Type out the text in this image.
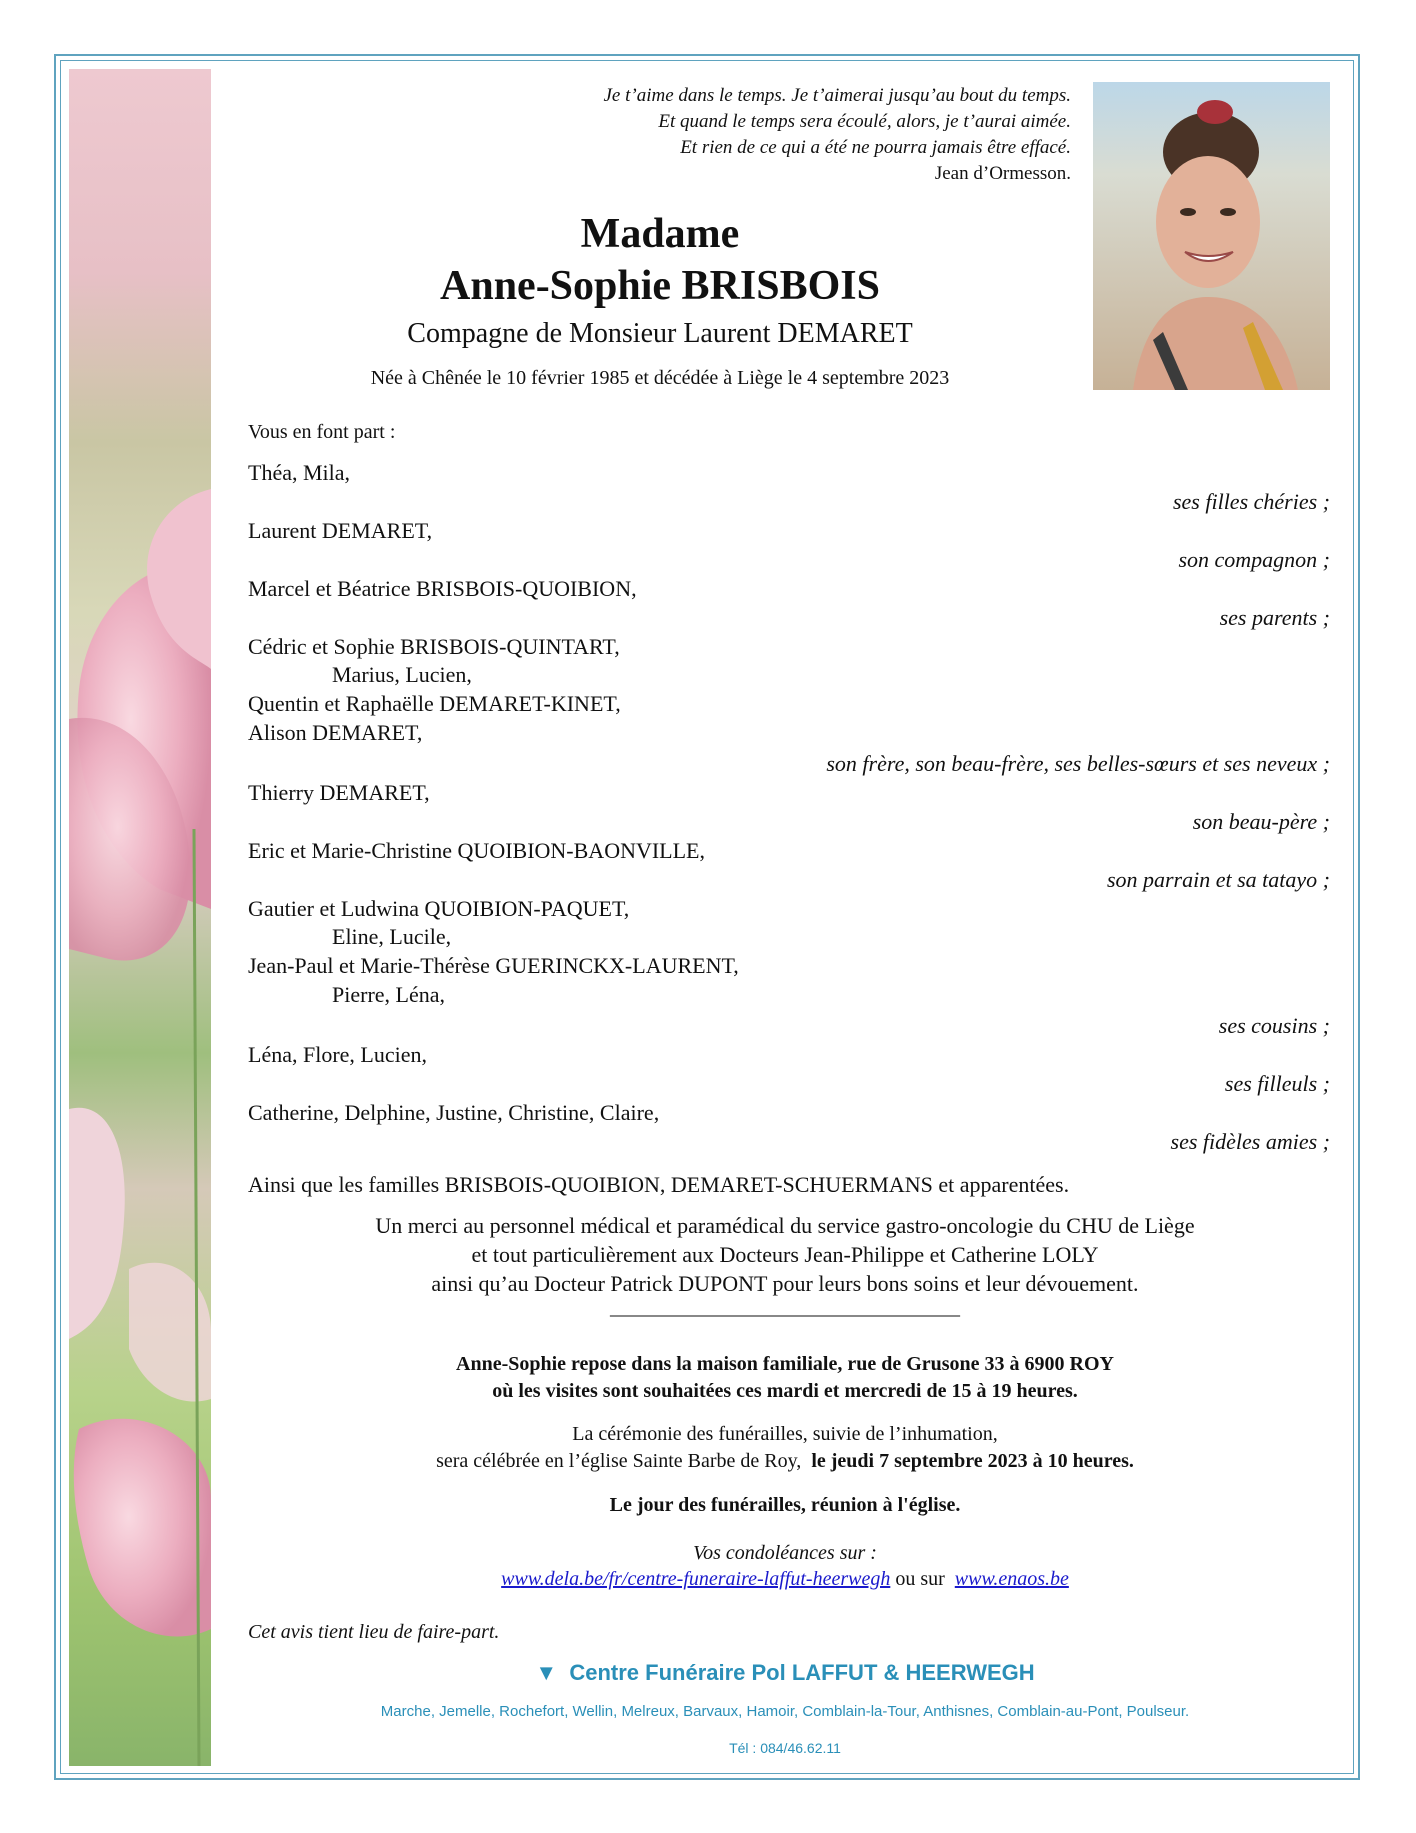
Je t’aime dans le temps. Je t’aimerai jusqu’au bout du temps.

Et quand le temps sera écoulé, alors, je t’aurai aimée.

Et rien de ce qui a été ne pourra jamais être effacé.

Jean d’Ormesson.

Madame

Anne-Sophie BRISBOIS

Compagne de Monsieur Laurent DEMARET

Née à Chênée le 10 février 1985 et décédée à Liège le 4 septembre 2023

Vous en font part :

Théa, Mila,

ses filles chéries ;

Laurent DEMARET,

son compagnon ;

Marcel et Béatrice BRISBOIS-QUOIBION,

ses parents ;

Cédric et Sophie BRISBOIS-QUINTART,

Marius, Lucien,

Quentin et Raphaëlle DEMARET-KINET,

Alison DEMARET,

son frère, son beau-frère, ses belles-sœurs et ses neveux ;

Thierry DEMARET,

son beau-père ;

Eric et Marie-Christine QUOIBION-BAONVILLE,

son parrain et sa tatayo ;

Gautier et Ludwina QUOIBION-PAQUET,

Eline, Lucile,

Jean-Paul et Marie-Thérèse GUERINCKX-LAURENT,

Pierre, Léna,

ses cousins ;

Léna, Flore, Lucien,

ses filleuls ;

Catherine, Delphine, Justine, Christine, Claire,

ses fidèles amies ;

Ainsi que les familles BRISBOIS-QUOIBION, DEMARET-SCHUERMANS et apparentées.

Un merci au personnel médical et paramédical du service gastro-oncologie du CHU de Liège

et tout particulièrement aux Docteurs Jean-Philippe et Catherine LOLY

ainsi qu’au Docteur Patrick DUPONT pour leurs bons soins et leur dévouement.

___________________________________

Anne-Sophie repose dans la maison familiale, rue de Grusone 33 à 6900 ROY

où les visites sont souhaitées ces mardi et mercredi de 15 à 19 heures.

La cérémonie des funérailles, suivie de l’inhumation,

sera célébrée en l’église Sainte Barbe de Roy, le jeudi 7 septembre 2023 à 10 heures.

Le jour des funérailles, réunion à l'église.

Vos condoléances sur :

www.dela.be/fr/centre-funeraire-laffut-heerwegh ou sur www.enaos.be

Cet avis tient lieu de faire-part.

▼ Centre Funéraire Pol LAFFUT & HEERWEGH

Marche, Jemelle, Rochefort, Wellin, Melreux, Barvaux, Hamoir, Comblain-la-Tour, Anthisnes, Comblain-au-Pont, Poulseur.

Tél : 084/46.62.11
